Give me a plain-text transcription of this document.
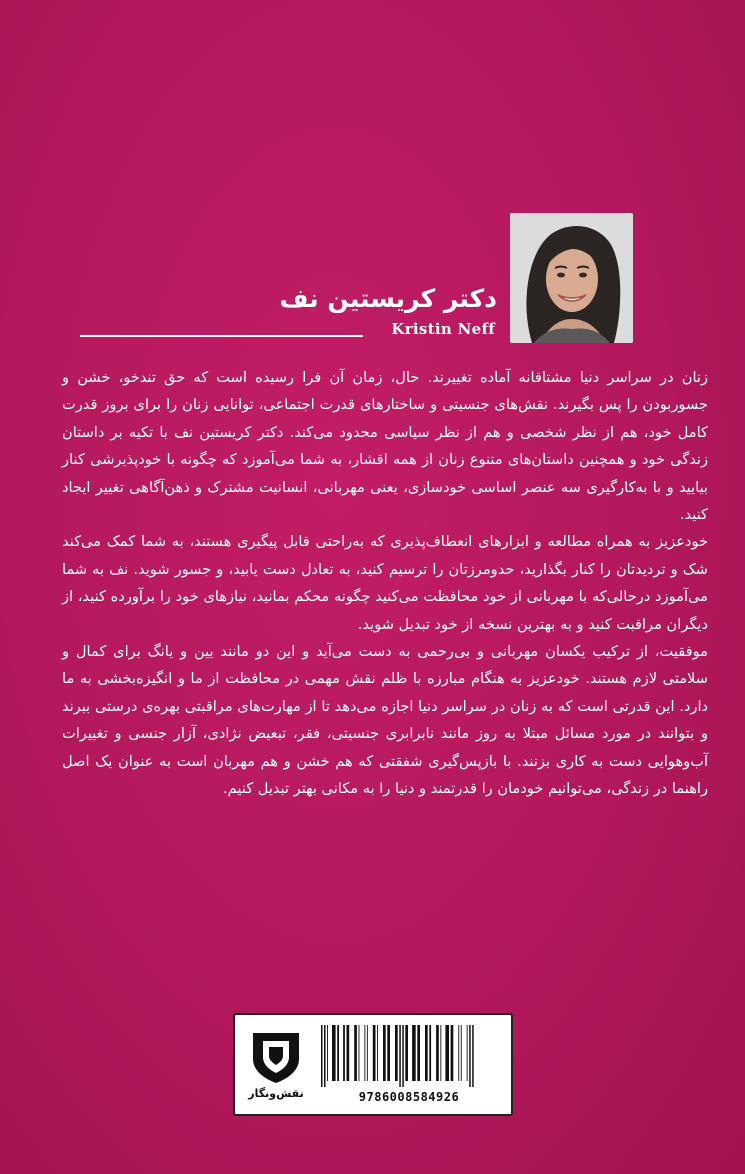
دکتر کریستین نف
Kristin Neff

زنان در سراسر دنیا مشتاقانه آماده تغییرند. حال، زمان آن فرا رسیده است که حق تندخو، خشن و جسوربودن را پس بگیرند. نقش‌های جنسیتی و ساختارهای قدرت اجتماعی، توانایی زنان را برای بروز قدرت کامل خود، هم از نظر شخصی و هم از نظر سیاسی محدود می‌کند. دکتر کریستین نف با تکیه بر داستان زندگی خود و همچنین داستان‌های متنوع زنان از همه اقشار، به شما می‌آموزد که چگونه با خودپذیرشی کنار بیایید و با به‌کارگیری سه عنصر اساسی خودسازی، یعنی مهربانی، انسانیت مشترک و ذهن‌آگاهی تغییر ایجاد کنید.

خودعزیز به همراه مطالعه و ابزارهای انعطاف‌پذیری که به‌راحتی قابل پیگیری هستند، به شما کمک می‌کند شک و تردیدتان را کنار بگذارید، حدومرزتان را ترسیم کنید، به تعادل دست یابید، و جسور شوید. نف به شما می‌آموزد در‌حالی‌که با مهربانی از خود محافظت می‌کنید چگونه محکم بمانید، نیازهای خود را برآورده کنید، از دیگران مراقبت کنید و به بهترین نسخه از خود تبدیل شوید.

موفقیت، از ترکیب یکسان مهربانی و بی‌رحمی به دست می‌آید و این دو مانند یین و یانگ برای کمال و سلامتی لازم هستند. خودعزیز به هنگام مبارزه با ظلم نقش مهمی در محافظت از ما و انگیزه‌بخشی به ما دارد. این قدرتی است که به زنان در سراسر دنیا اجازه می‌دهد تا از مهارت‌های مراقبتی بهره‌ی درستی ببرند و بتوانند در مورد مسائل مبتلا به روز مانند نابرابری جنسیتی، فقر، تبعیض نژادی، آزار جنسی و تغییرات آب‌وهوایی دست به کاری بزنند. با بازپس‌گیری شفقتی که هم خشن و هم مهربان است به عنوان یک اصل راهنما در زندگی، می‌توانیم خودمان را قدرتمند و دنیا را به مکانی بهتر تبدیل کنیم.

نقش‌ونگار	9786008584926
